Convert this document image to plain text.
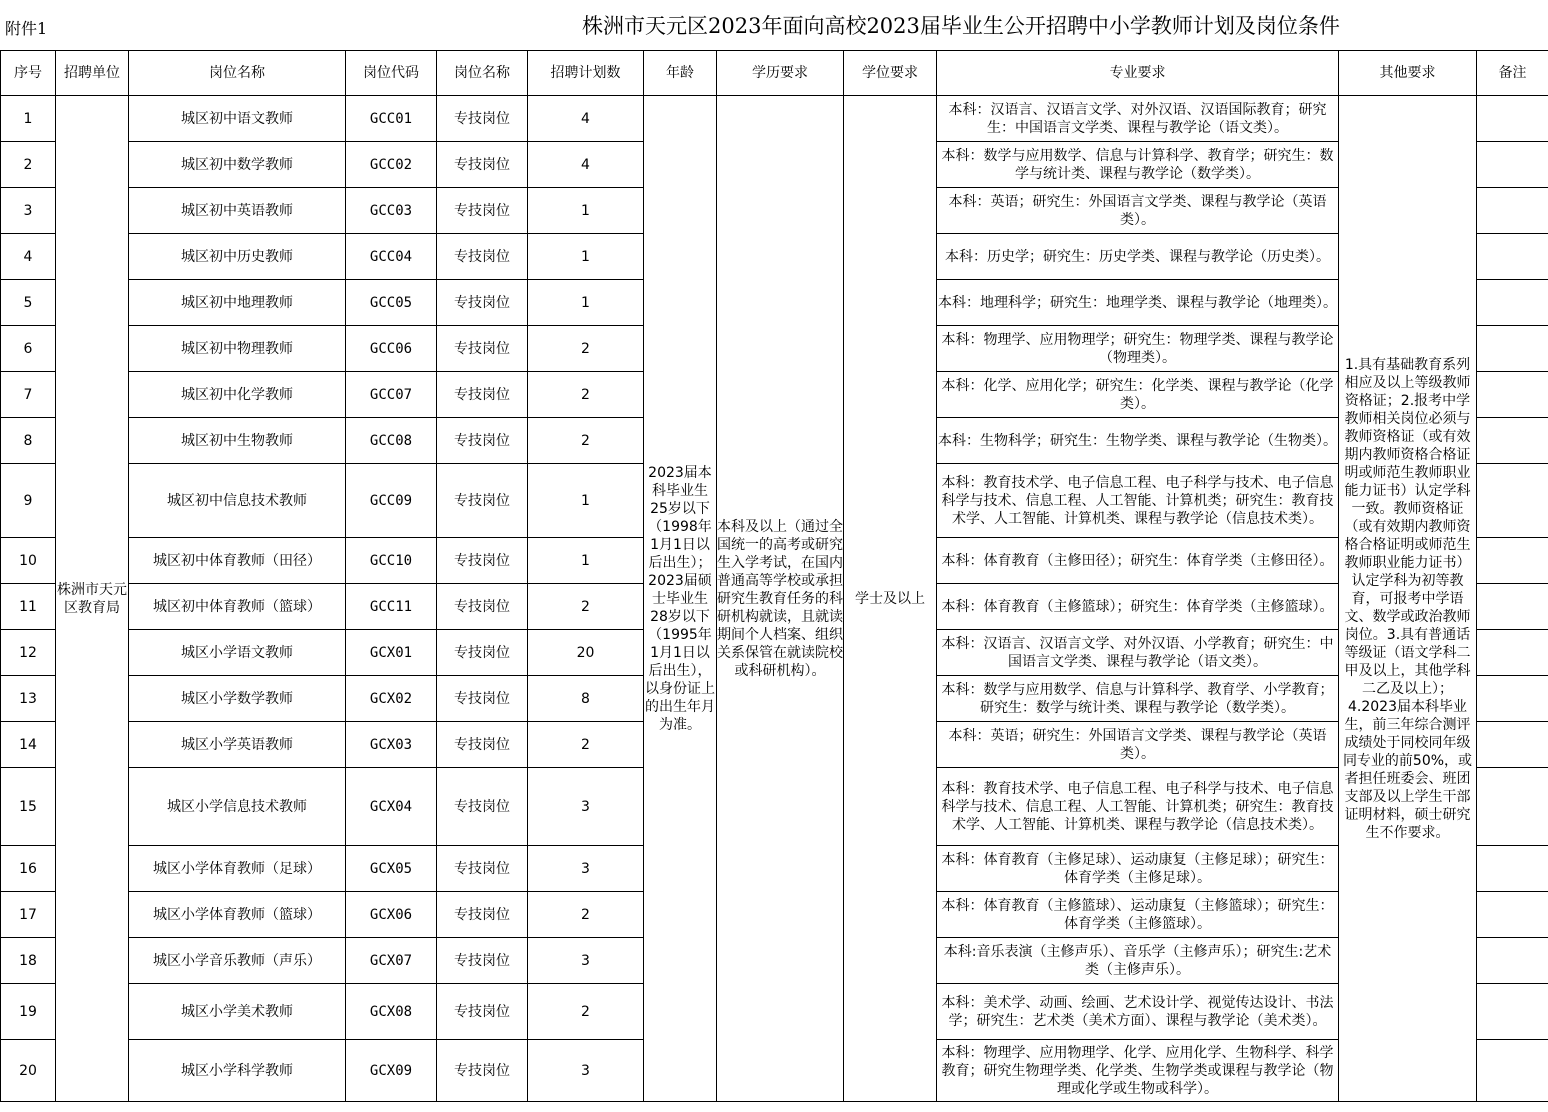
附件1	株洲市天元区2023年面向高校2023届毕业生公开招聘中小学教师计划及岗位条件
序号	招聘单位	岗位名称	岗位代码	岗位名称	招聘计划数	年龄	学历要求	学位要求	专业要求	其他要求	备注
1	株洲市天元区教育局	城区初中语文教师	GCC01	专技岗位	4	2023届本科毕业生25岁以下（1998年1月1日以后出生）；2023届硕士毕业生28岁以下（1995年1月1日以后出生），以身份证上的出生年月为准。	本科及以上（通过全国统一的高考或研究生入学考试，在国内普通高等学校或承担研究生教育任务的科研机构就读，且就读期间个人档案、组织关系保管在就读院校或科研机构）。	学士及以上	本科：汉语言、汉语言文学、对外汉语、汉语国际教育；研究生：中国语言文学类、课程与教学论（语文类）。	1.具有基础教育系列相应及以上等级教师资格证；2.报考中学教师相关岗位必须与教师资格证（或有效期内教师资格合格证明或师范生教师职业能力证书）认定学科一致。教师资格证（或有效期内教师资格合格证明或师范生教师职业能力证书）认定学科为初等教育，可报考中学语文、数学或政治教师岗位。3.具有普通话等级证（语文学科二甲及以上，其他学科二乙及以上）；4.2023届本科毕业生，前三年综合测评成绩处于同校同年级同专业的前50%，或者担任班委会、班团支部及以上学生干部证明材料，硕士研究生不作要求。	
2		城区初中数学教师	GCC02	专技岗位	4				本科：数学与应用数学、信息与计算科学、教育学；研究生：数学与统计类、课程与教学论（数学类）。		
3		城区初中英语教师	GCC03	专技岗位	1				本科：英语；研究生：外国语言文学类、课程与教学论（英语类）。		
4		城区初中历史教师	GCC04	专技岗位	1				本科：历史学；研究生：历史学类、课程与教学论（历史类）。		
5		城区初中地理教师	GCC05	专技岗位	1				本科：地理科学；研究生：地理学类、课程与教学论（地理类）。		
6		城区初中物理教师	GCC06	专技岗位	2				本科：物理学、应用物理学；研究生：物理学类、课程与教学论（物理类）。		
7		城区初中化学教师	GCC07	专技岗位	2				本科：化学、应用化学；研究生：化学类、课程与教学论（化学类）。		
8		城区初中生物教师	GCC08	专技岗位	2				本科：生物科学；研究生：生物学类、课程与教学论（生物类）。		
9		城区初中信息技术教师	GCC09	专技岗位	1				本科：教育技术学、电子信息工程、电子科学与技术、电子信息科学与技术、信息工程、人工智能、计算机类；研究生：教育技术学、人工智能、计算机类、课程与教学论（信息技术类）。		
10		城区初中体育教师（田径）	GCC10	专技岗位	1				本科：体育教育（主修田径）；研究生：体育学类（主修田径）。		
11		城区初中体育教师（篮球）	GCC11	专技岗位	2				本科：体育教育（主修篮球）；研究生：体育学类（主修篮球）。		
12		城区小学语文教师	GCX01	专技岗位	20				本科：汉语言、汉语言文学、对外汉语、小学教育；研究生：中国语言文学类、课程与教学论（语文类）。		
13		城区小学数学教师	GCX02	专技岗位	8				本科：数学与应用数学、信息与计算科学、教育学、小学教育；研究生：数学与统计类、课程与教学论（数学类）。		
14		城区小学英语教师	GCX03	专技岗位	2				本科：英语；研究生：外国语言文学类、课程与教学论（英语类）。		
15		城区小学信息技术教师	GCX04	专技岗位	3				本科：教育技术学、电子信息工程、电子科学与技术、电子信息科学与技术、信息工程、人工智能、计算机类；研究生：教育技术学、人工智能、计算机类、课程与教学论（信息技术类）。		
16		城区小学体育教师（足球）	GCX05	专技岗位	3				本科：体育教育（主修足球）、运动康复（主修足球）；研究生：体育学类（主修足球）。		
17		城区小学体育教师（篮球）	GCX06	专技岗位	2				本科：体育教育（主修篮球）、运动康复（主修篮球）；研究生：体育学类（主修篮球）。		
18		城区小学音乐教师（声乐）	GCX07	专技岗位	3				本科:音乐表演（主修声乐）、音乐学（主修声乐）；研究生:艺术类（主修声乐）。		
19		城区小学美术教师	GCX08	专技岗位	2				本科：美术学、动画、绘画、艺术设计学、视觉传达设计、书法学；研究生：艺术类（美术方面）、课程与教学论（美术类）。		
20		城区小学科学教师	GCX09	专技岗位	3				本科：物理学、应用物理学、化学、应用化学、生物科学、科学教育；研究生物理学类、化学类、生物学类或课程与教学论（物理或化学或生物或科学）。		
